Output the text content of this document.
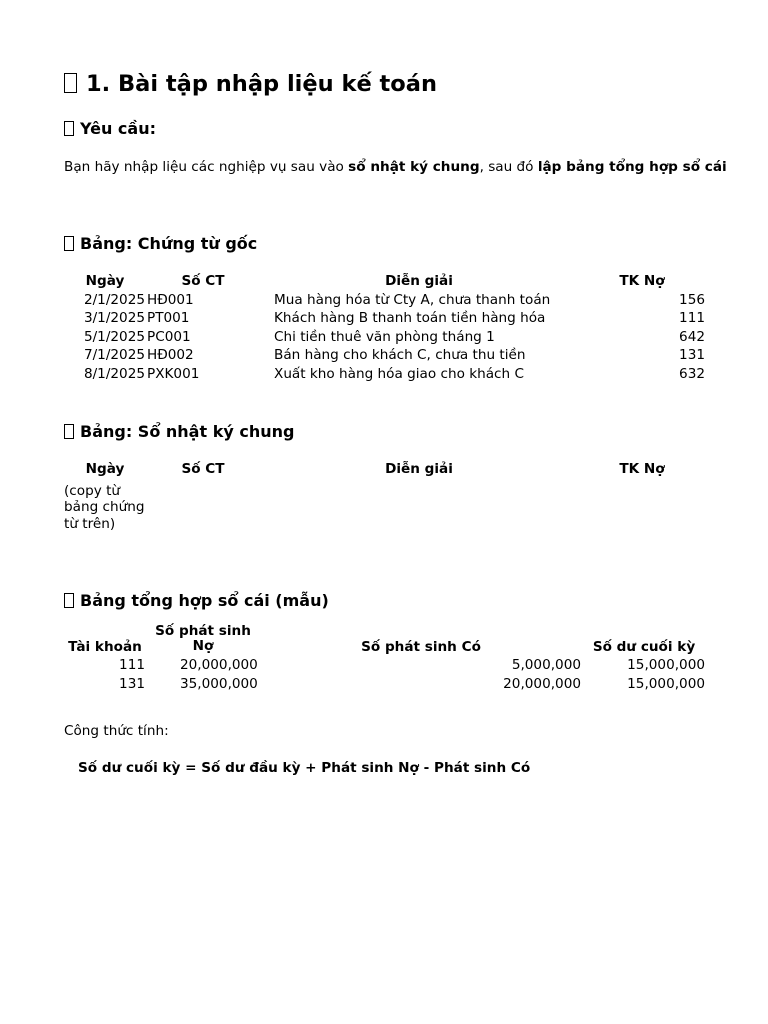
1. Bài tập nhập liệu kế toán
Yêu cầu:
Bạn hãy nhập liệu các nghiệp vụ sau vào sổ nhật ký chung, sau đó lập bảng tổng hợp sổ cái
Bảng: Chứng từ gốc
Ngày	Số CT	Diễn giải	TK Nợ
2/1/2025	HĐ001	Mua hàng hóa từ Cty A, chưa thanh toán	156
3/1/2025	PT001	Khách hàng B thanh toán tiền hàng hóa	111
5/1/2025	PC001	Chi tiền thuê văn phòng tháng 1	642
7/1/2025	HĐ002	Bán hàng cho khách C, chưa thu tiền	131
8/1/2025	PXK001	Xuất kho hàng hóa giao cho khách C	632
Bảng: Sổ nhật ký chung
Ngày	Số CT	Diễn giải	TK Nợ
(copy từ bảng chứng từ trên)			
Bảng tổng hợp sổ cái (mẫu)
Tài khoản	Số phát sinh Nợ	Số phát sinh Có	Số dư cuối kỳ
111	20,000,000	5,000,000	15,000,000
131	35,000,000	20,000,000	15,000,000
Công thức tính:
Số dư cuối kỳ = Số dư đầu kỳ + Phát sinh Nợ - Phát sinh Có
